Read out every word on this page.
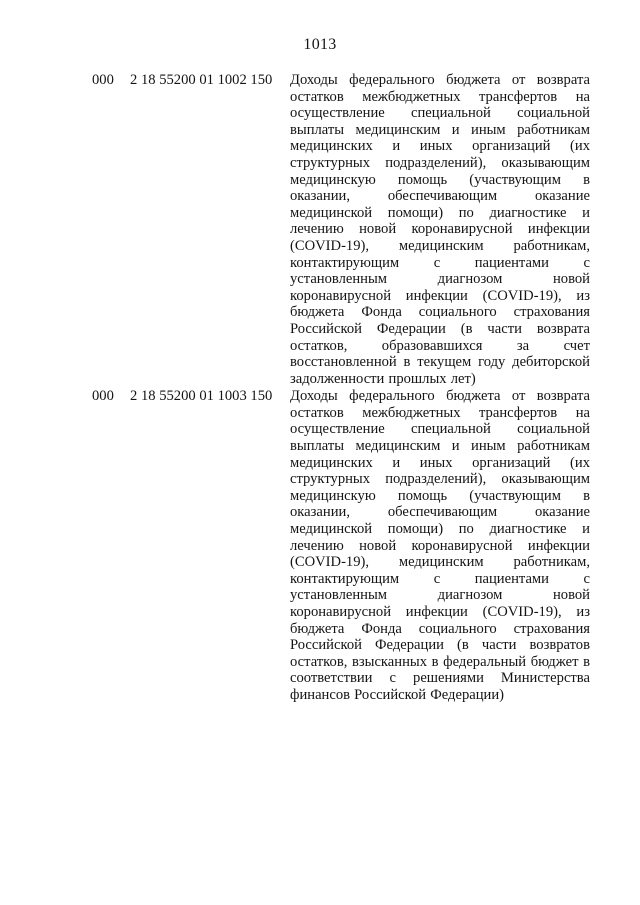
1013
000	2 18 55200 01 1002 150	Доходы федерального бюджета от возврата остатков межбюджетных трансфертов на осуществление специальной социальной выплаты медицинским и иным работникам медицинских и иных организаций (их структурных подразделений), оказывающим медицинскую помощь (участвующим в оказании, обеспечивающим оказание медицинской помощи) по диагностике и лечению новой коронавирусной инфекции (COVID-19), медицинским работникам, контактирующим с пациентами с установленным диагнозом новой коронавирусной инфекции (COVID-19), из бюджета Фонда социального страхования Российской Федерации (в части возврата остатков, образовавшихся за счет восстановленной в текущем году дебиторской задолженности прошлых лет)
000	2 18 55200 01 1003 150	Доходы федерального бюджета от возврата остатков межбюджетных трансфертов на осуществление специальной социальной выплаты медицинским и иным работникам медицинских и иных организаций (их структурных подразделений), оказывающим медицинскую помощь (участвующим в оказании, обеспечивающим оказание медицинской помощи) по диагностике и лечению новой коронавирусной инфекции (COVID-19), медицинским работникам, контактирующим с пациентами с установленным диагнозом новой коронавирусной инфекции (COVID-19), из бюджета Фонда социального страхования Российской Федерации (в части возвратов остатков, взысканных в федеральный бюджет в соответствии с решениями Министерства финансов Российской Федерации)
